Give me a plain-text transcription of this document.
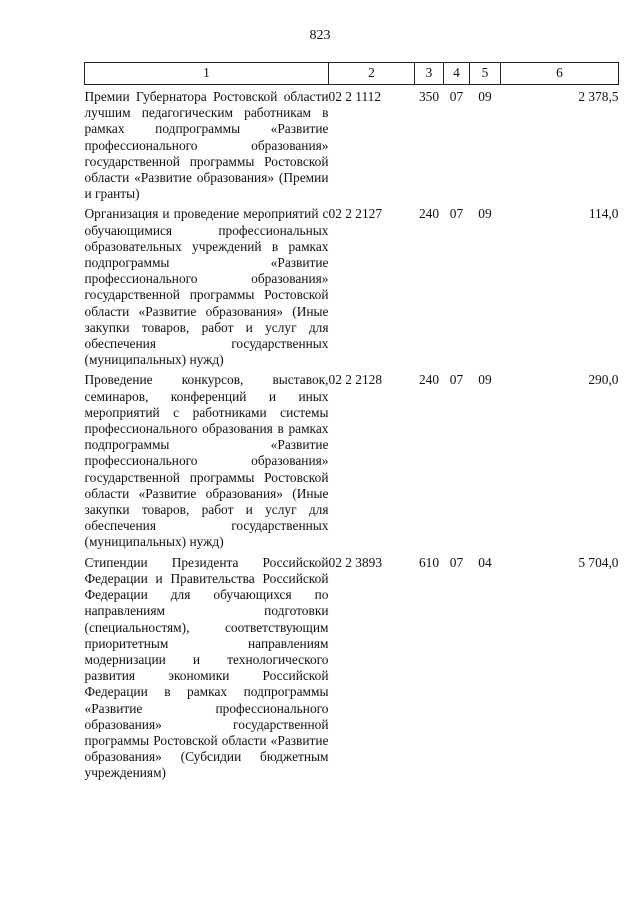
823
1	2	3	4	5	6
Премии Губернатора Ростовской области лучшим педагогическим работникам в рамках подпрограммы «Развитие профессионального образования» государственной программы Ростовской области «Развитие образования» (Премии и гранты)	02 2 1112	350	07	09	2 378,5
Организация и проведение мероприятий с обучающимися профессиональных образовательных учреждений в рамках подпрограммы «Развитие профессионального образования» государственной программы Ростовской области «Развитие образования» (Иные закупки товаров, работ и услуг для обеспечения государственных (муниципальных) нужд)	02 2 2127	240	07	09	114,0
Проведение конкурсов, выставок, семинаров, конференций и иных мероприятий с работниками системы профессионального образования в рамках подпрограммы «Развитие профессионального образования» государственной программы Ростовской области «Развитие образования» (Иные закупки товаров, работ и услуг для обеспечения государственных (муниципальных) нужд)	02 2 2128	240	07	09	290,0
Стипендии Президента Российской Федерации и Правительства Российской Федерации для обучающихся по направлениям подготовки (специальностям), соответствующим приоритетным направлениям модернизации и технологического развития экономики Российской Федерации в рамках подпрограммы «Развитие профессионального образования» государственной программы Ростовской области «Развитие образования» (Субсидии бюджетным учреждениям)	02 2 3893	610	07	04	5 704,0
